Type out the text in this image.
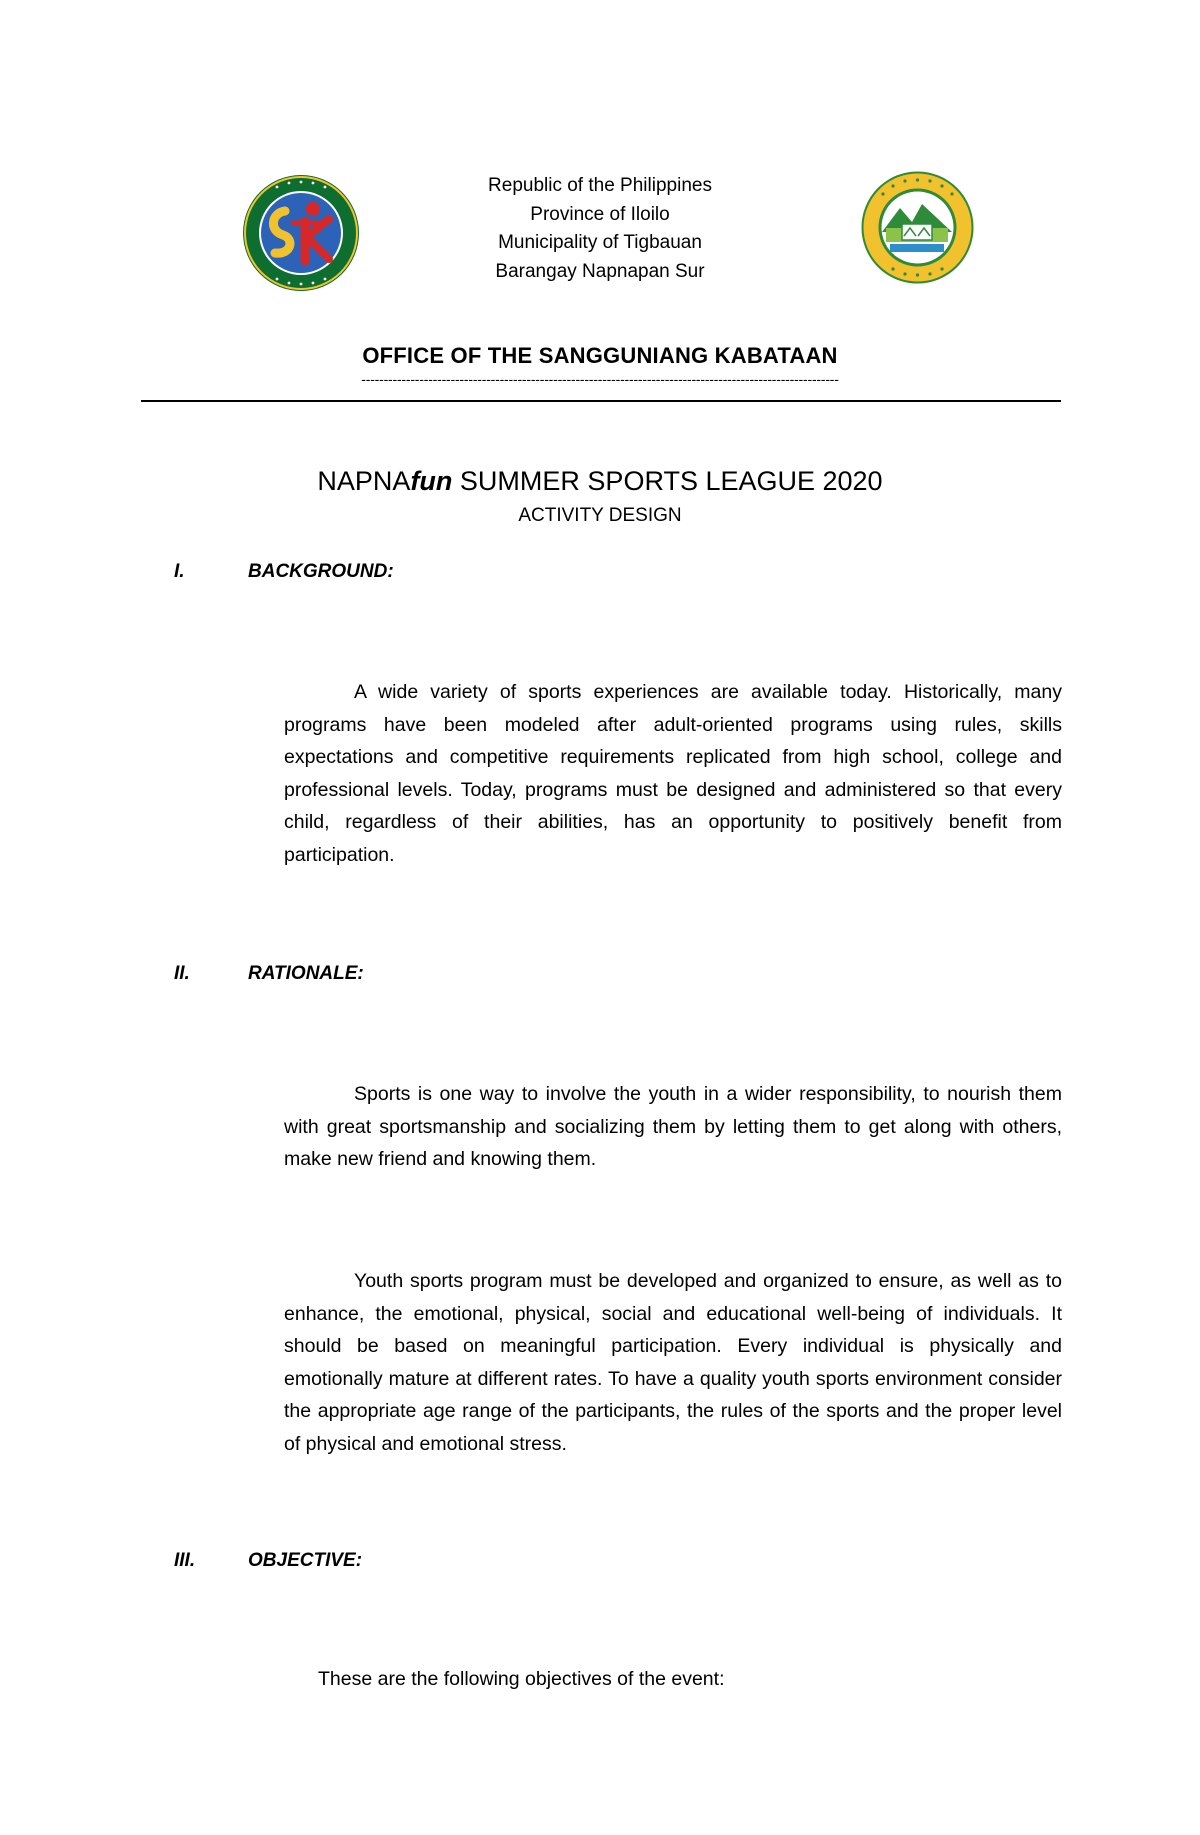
Republic of the Philippines
Province of Iloilo
Municipality of Tigbauan
Barangay Napnapan Sur
OFFICE OF THE SANGGUNIANG KABATAAN
-----------------------------------------------------------------------------------------------------------
NAPNAfun SUMMER SPORTS LEAGUE 2020
ACTIVITY DESIGN
I.	BACKGROUND:
A wide variety of sports experiences are available today. Historically, many programs have been modeled after adult-oriented programs using rules, skills expectations and competitive requirements replicated from high school, college and professional levels. Today, programs must be designed and administered so that every child, regardless of their abilities, has an opportunity to positively benefit from participation.
II.	RATIONALE:
Sports is one way to involve the youth in a wider responsibility, to nourish them with great sportsmanship and socializing them by letting them to get along with others, make new friend and knowing them.
Youth sports program must be developed and organized to ensure, as well as to enhance, the emotional, physical, social and educational well-being of individuals. It should be based on meaningful participation. Every individual is physically and emotionally mature at different rates. To have a quality youth sports environment consider the appropriate age range of the participants, the rules of the sports and the proper level of physical and emotional stress.
III.	OBJECTIVE:
These are the following objectives of the event:
